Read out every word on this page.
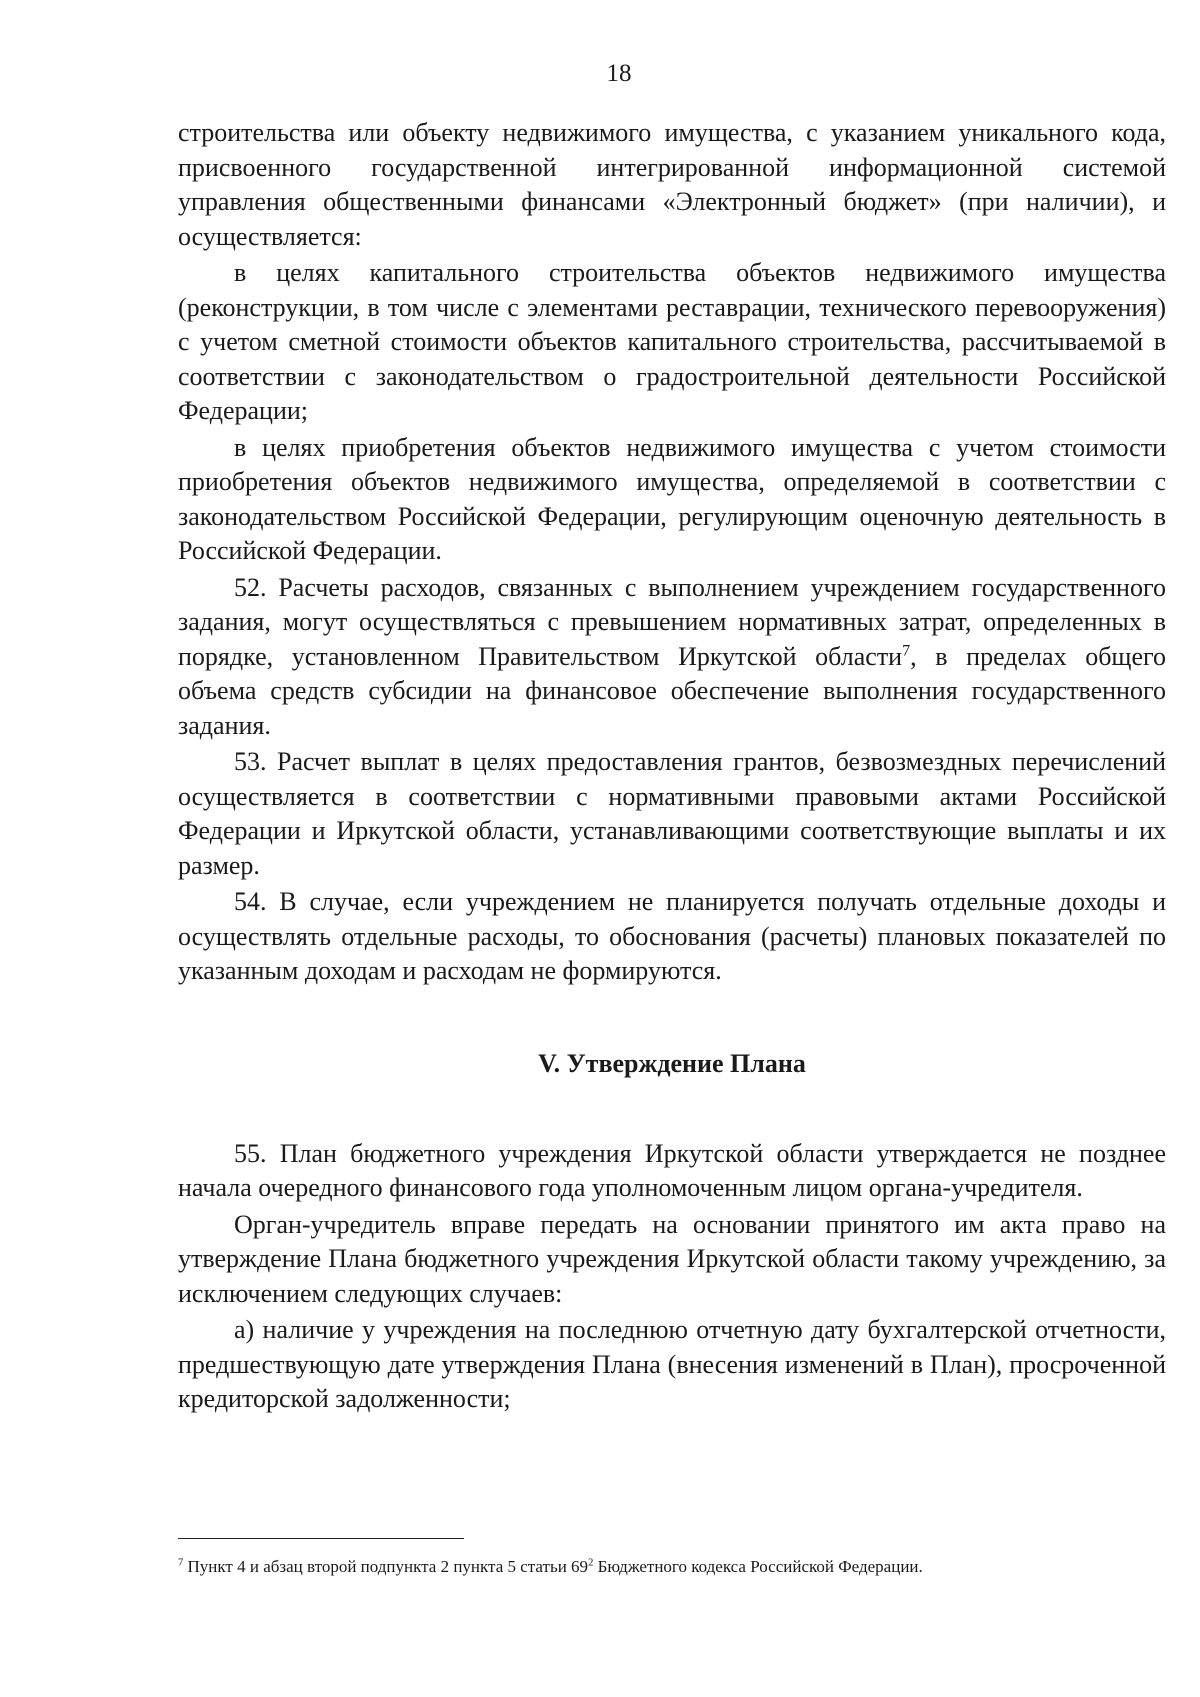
18

строительства или объекту недвижимого имущества, с указанием уникального кода, присвоенного государственной интегрированной информационной системой управления общественными финансами «Электронный бюджет» (при наличии), и осуществляется:

в целях капитального строительства объектов недвижимого имущества (реконструкции, в том числе с элементами реставрации, технического перевооружения) с учетом сметной стоимости объектов капитального строительства, рассчитываемой в соответствии с законодательством о градостроительной деятельности Российской Федерации;

в целях приобретения объектов недвижимого имущества с учетом стоимости приобретения объектов недвижимого имущества, определяемой в соответствии с законодательством Российской Федерации, регулирующим оценочную деятельность в Российской Федерации.

52. Расчеты расходов, связанных с выполнением учреждением государственного задания, могут осуществляться с превышением нормативных затрат, определенных в порядке, установленном Правительством Иркутской области$^7$, в пределах общего объема средств субсидии на финансовое обеспечение выполнения государственного задания.

53. Расчет выплат в целях предоставления грантов, безвозмездных перечислений осуществляется в соответствии с нормативными правовыми актами Российской Федерации и Иркутской области, устанавливающими соответствующие выплаты и их размер.

54. В случае, если учреждением не планируется получать отдельные доходы и осуществлять отдельные расходы, то обоснования (расчеты) плановых показателей по указанным доходам и расходам не формируются.

V. Утверждение Плана

55. План бюджетного учреждения Иркутской области утверждается не позднее начала очередного финансового года уполномоченным лицом органа-учредителя.

Орган-учредитель вправе передать на основании принятого им акта право на утверждение Плана бюджетного учреждения Иркутской области такому учреждению, за исключением следующих случаев:

а) наличие у учреждения на последнюю отчетную дату бухгалтерской отчетности, предшествующую дате утверждения Плана (внесения изменений в План), просроченной кредиторской задолженности;

$^7$ Пункт 4 и абзац второй подпункта 2 пункта 5 статьи $69^2$ Бюджетного кодекса Российской Федерации.
